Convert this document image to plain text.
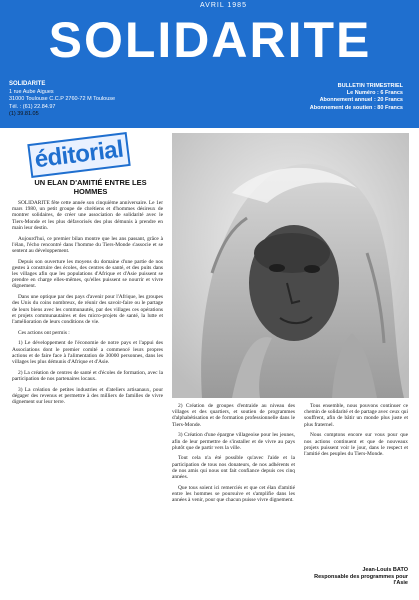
AVRIL 1985
SOLIDARITE
SOLIDARITE
1 rue Aube Aigues
31000 Toulouse C.C.P 2760-72 M Toulouse
Tél. : (61) 22.84.97
(1) 39.81.05
BULLETIN TRIMESTRIEL
Le Numéro : 6 Francs
Abonnement annuel : 20 Francs
Abonnement de soutien : 80 Francs
éditorial
UN ELAN D'AMITIÉ ENTRE LES HOMMES

SOLIDARITE fête cette année son cinquième anniversaire. Le 1er mars 1980, un petit groupe de chrétiens et d'hommes désireux de montrer solidaires, de créer une association de solidarité avec le Tiers-Monde et les plus défavorisés des plus démunis à prendre en main leur destin.

Aujourd'hui, ce premier bilan montre que les ans passant, grâce à l'élan, l'écho rencontré dans l'homme du Tiers-Monde s'associe et se sentent au développement.

Depuis son ouverture les moyens du domaine d'une partie de nos gestes à construire des écoles, des centres de santé, et des puits dans les villages afin que les populations d'Afrique et d'Asie puissent se prendre en charge elles-mêmes, qu'elles puissent se nourrir et vivre dignement.

Dans une optique par des pays d'avenir pour l'Afrique, les groupes des Unis du coins nombreux, de réunir des savoir-faire ou le partage de leurs biens avec les communautés, par des villages ces opérations et projets communautaires et des micro-projets de santé, la lutte et l'amélioration de leurs conditions de vie.

Ces actions ont permis :

1) Le développement de l'économie de notre pays et l'appui des Associations dont le premier comité a commencé leurs propres actions et de faire face à l'alimentation de 30000 personnes, dans les villages les plus démunis d'Afrique et d'Asie.

2) La création de centres de santé et d'écoles de formation, avec la participation de nos partenaires locaux.

3) La création de petites industries et d'ateliers artisanaux, pour dégager des revenus et permettre à des milliers de familles de vivre dignement sur leur terre.

2) Création de groupes d'entraide au niveau des villages et des quartiers, et soutien de programmes d'alphabétisation et de formation professionnelle dans le Tiers-Monde.

3) Création d'une épargne villageoise pour les jeunes, afin de leur permettre de s'installer et de vivre au pays plutôt que de partir vers la ville.

Tout cela n'a été possible qu'avec l'aide et la participation de tous nos donateurs, de nos adhérents et de nos amis qui nous ont fait confiance depuis ces cinq années.

Que tous soient ici remerciés et que cet élan d'amitié entre les hommes se poursuive et s'amplifie dans les années à venir, pour que chacun puisse vivre dignement.

Tous ensemble, nous pouvons continuer ce chemin de solidarité et de partage avec ceux qui souffrent, afin de bâtir un monde plus juste et plus fraternel.

Nous comptons encore sur vous pour que nos actions continuent et que de nouveaux projets puissent voir le jour, dans le respect et l'amitié des peuples du Tiers-Monde.

Jean-Louis BATO
Responsable des programmes pour l'Asie
